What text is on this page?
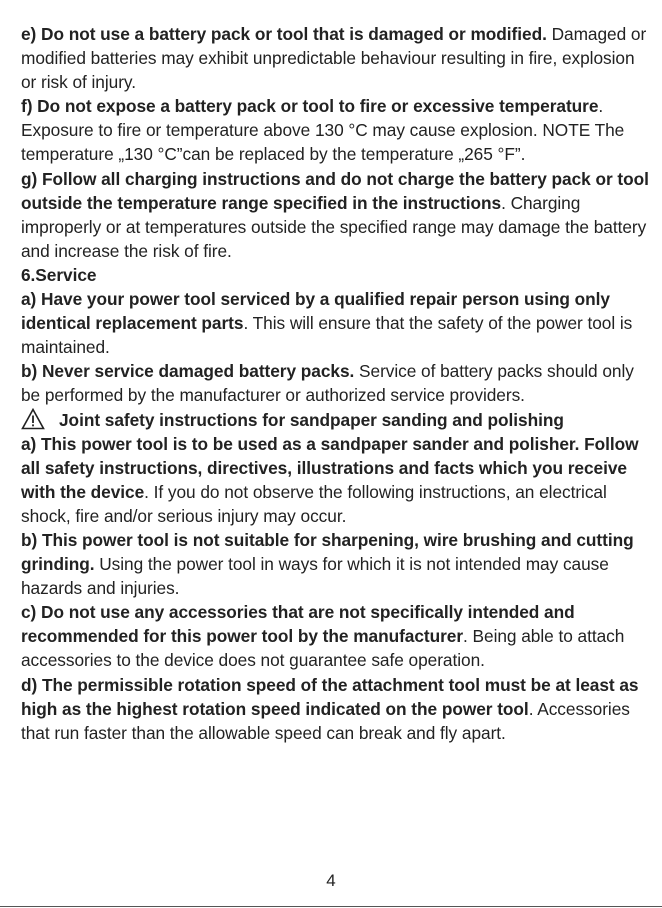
e) Do not use a battery pack or tool that is damaged or modified. Damaged or modified batteries may exhibit unpredictable behaviour resulting in fire, explosion or risk of injury.

f) Do not expose a battery pack or tool to fire or excessive temperature. Exposure to fire or temperature above 130 °C may cause explosion. NOTE The temperature „130 °C”can be replaced by the temperature „265 °F”.

g) Follow all charging instructions and do not charge the battery pack or tool outside the temperature range specified in the instructions. Charging improperly or at temperatures outside the specified range may damage the battery and increase the risk of fire.

6.Service

a) Have your power tool serviced by a qualified repair person using only identical replacement parts. This will ensure that the safety of the power tool is maintained.

b) Never service damaged battery packs. Service of battery packs should only be performed by the manufacturer or authorized service providers.

Joint safety instructions for sandpaper sanding and polishing

a) This power tool is to be used as a sandpaper sander and polisher. Follow all safety instructions, directives, illustrations and facts which you receive with the device. If you do not observe the following instructions, an electrical shock, fire and/or serious injury may occur.

b) This power tool is not suitable for sharpening, wire brushing and cutting grinding. Using the power tool in ways for which it is not intended may cause hazards and injuries.

c) Do not use any accessories that are not specifically intended and recommended for this power tool by the manufacturer. Being able to attach accessories to the device does not guarantee safe operation.

d) The permissible rotation speed of the attachment tool must be at least as high as the highest rotation speed indicated on the power tool. Accessories that run faster than the allowable speed can break and fly apart.

4
